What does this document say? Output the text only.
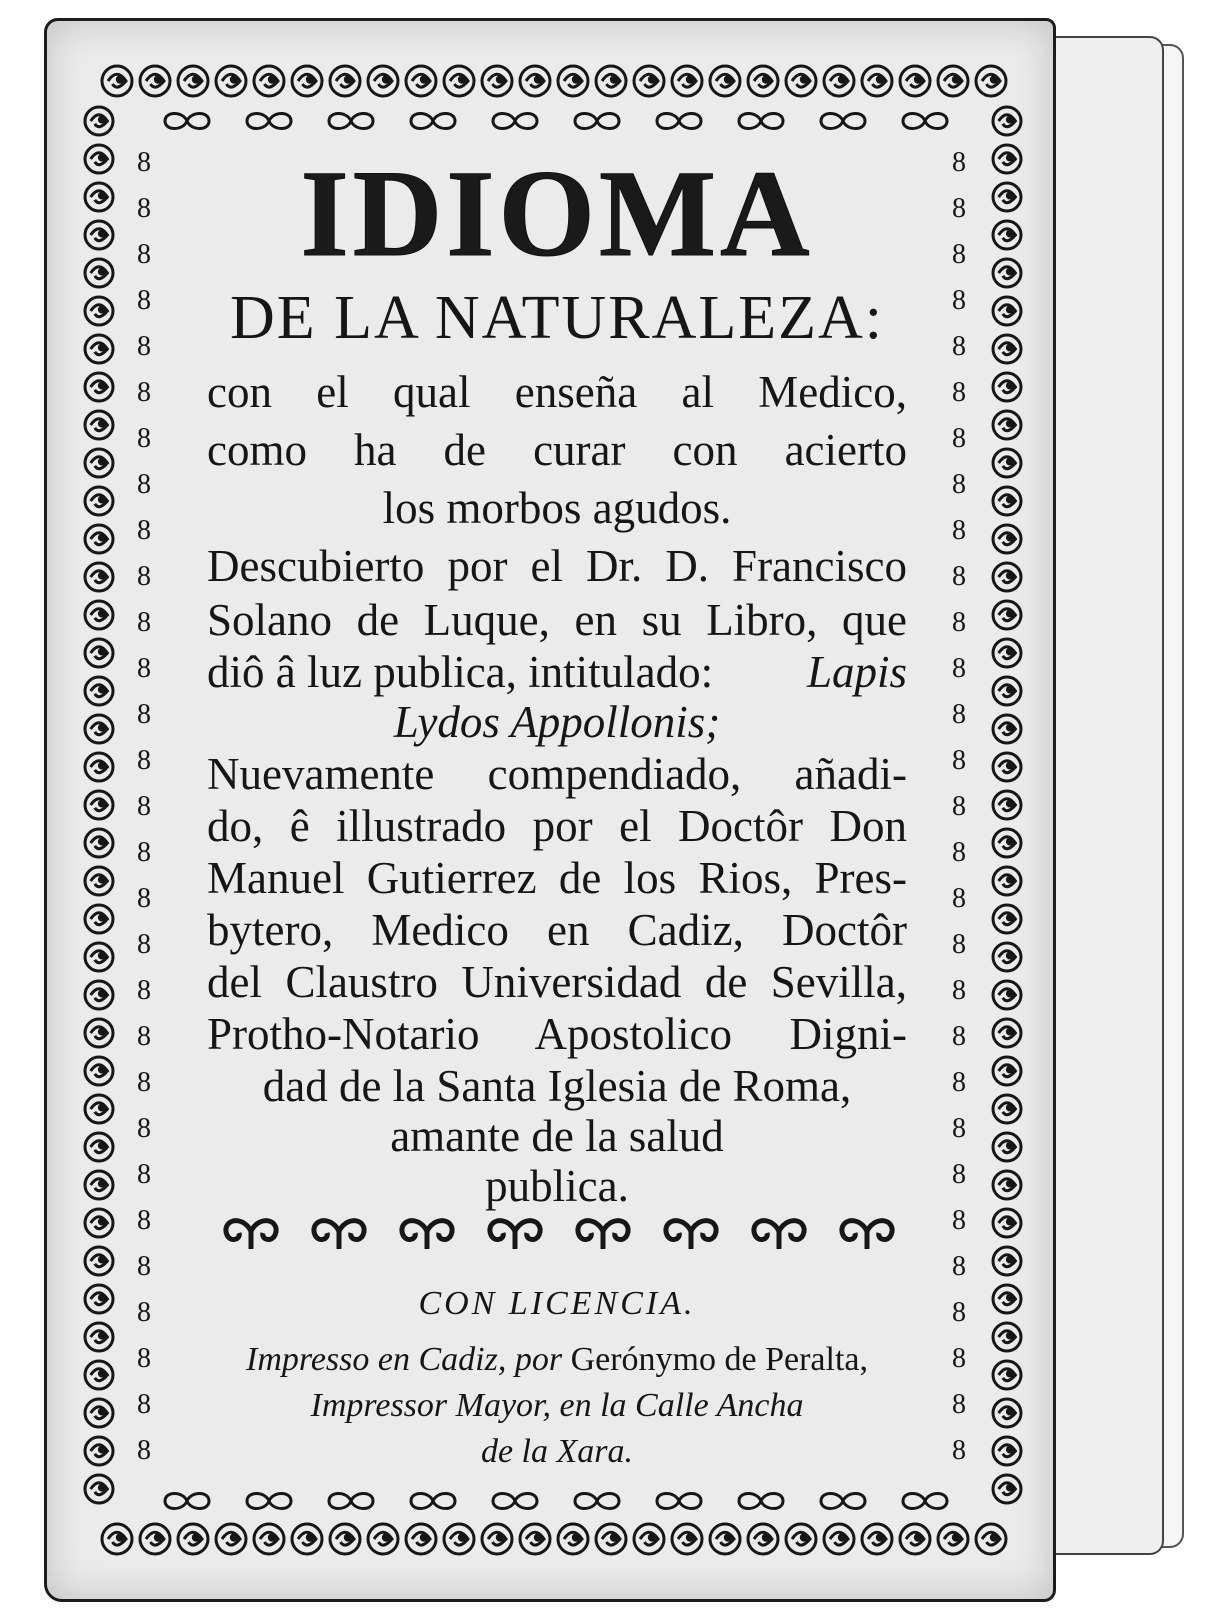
8
8
8
8
8
8
8
8
8
8
8
8
8
8
8
8
8
8
8
8
8
8
8
8
8
8
8
8
8
8
8
8
8
8
8
8
8
8
8
8
8
8
8
8
8
8
8
8
8
8
8
8
8
8
8
8
8
8
IDIOMA
DE LA NATURALEZA:

con el qual enseña al Medico,

como ha de curar con acierto

los morbos agudos.

Descubierto por el Dr. D. Francisco

Solano de Luque, en su Libro, que

diô â luz publica, intitulado: Lapis

Lydos Appollonis;

Nuevamente compendiado, añadi-

do, ê illustrado por el Doctôr Don

Manuel Gutierrez de los Rios, Pres-

bytero, Medico en Cadiz, Doctôr

del Claustro Universidad de Sevilla,

Protho-Notario Apostolico Digni-

dad de la Santa Iglesia de Roma,

amante de la salud

publica.

CON LICENCIA.

Impresso en Cadiz, por Gerónymo de Peralta,

Impressor Mayor, en la Calle Ancha

de la Xara.
